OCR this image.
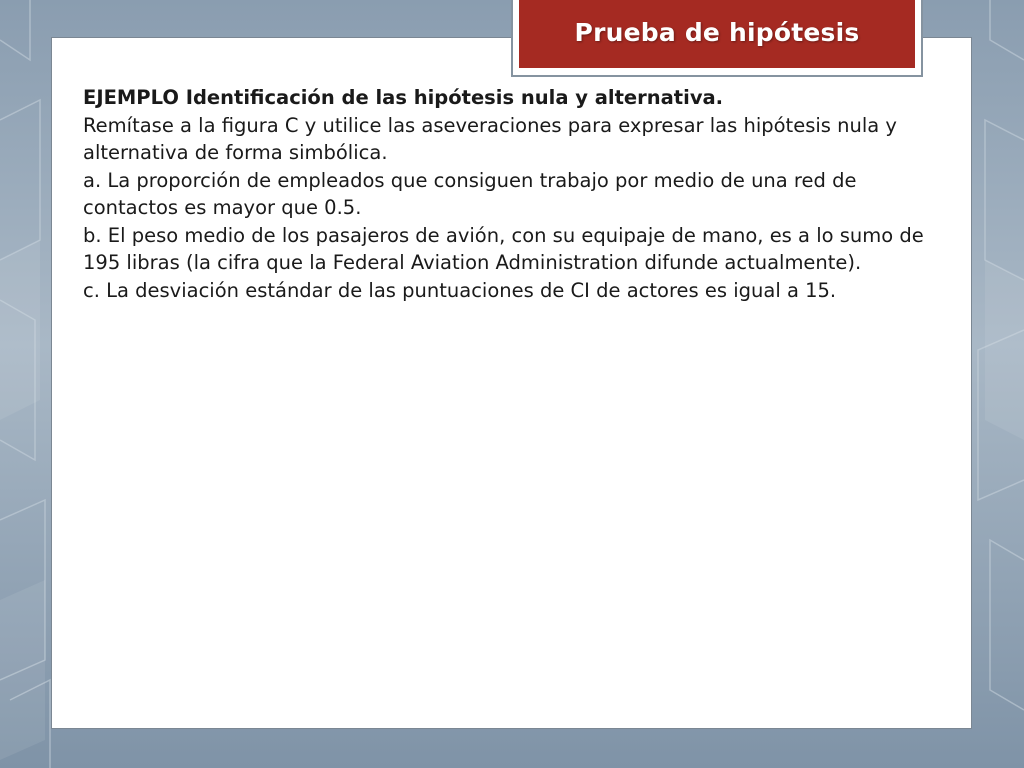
Prueba de hipótesis

EJEMPLO Identificación de las hipótesis nula y alternativa.

Remítase a la figura C y utilice las aseveraciones para expresar las hipótesis nula y alternativa de forma simbólica.

a. La proporción de empleados que consiguen trabajo por medio de una red de contactos es mayor que 0.5.

b. El peso medio de los pasajeros de avión, con su equipaje de mano, es a lo sumo de 195 libras (la cifra que la Federal Aviation Administration difunde actualmente).

c. La desviación estándar de las puntuaciones de CI de actores es igual a 15.
